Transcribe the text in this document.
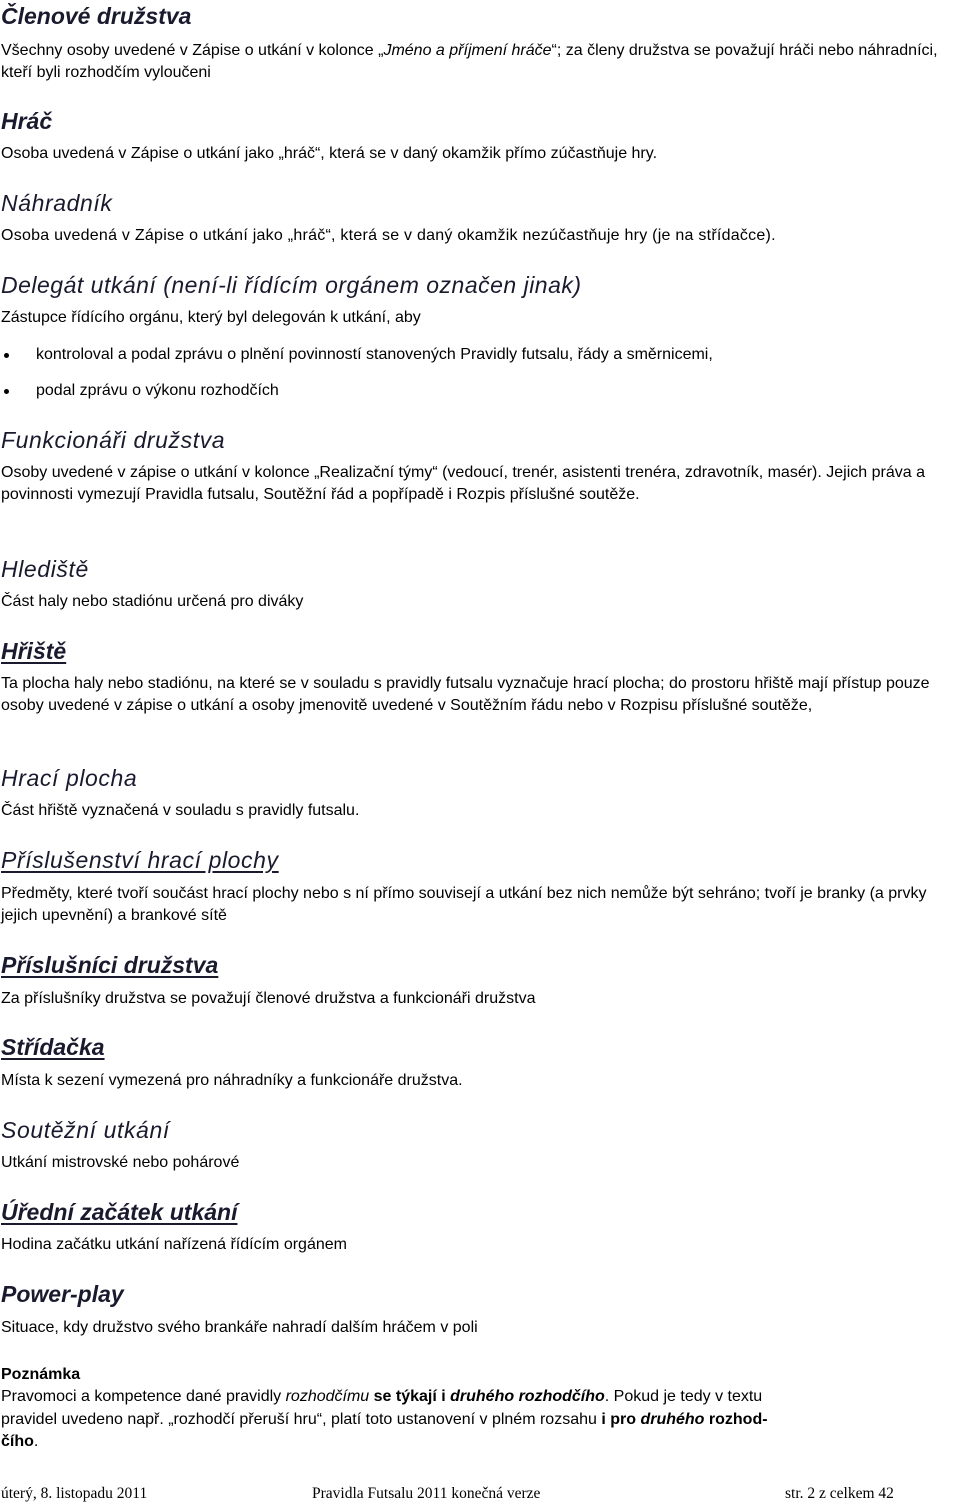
Členové družstva
Všechny osoby uvedené v Zápise o utkání v koloncе „Jméno a příjmení hráče“; za členy družstva se považují hráči nebo náhradníci, kteří byli rozhodčím vyloučeni
Hráč
Osoba uvedená v Zápise o utkání jako „hráč“, která se v daný okamžik přímo zúčastňuje hry.
Náhradník
Osoba uvedená v Zápise o utkání jako „hráč“, která se v daný okamžik nezúčastňuje hry (je na střídačce).
Delegát utkání (není-li řídícím orgánem označen jinak)
Zástupce řídícího orgánu, který byl delegován k utkání, aby
kontroloval a podal zprávu o plnění povinností stanovených Pravidly futsalu, řády a směrnicemi,
podal zprávu o výkonu rozhodčích
Funkcionáři družstva
Osoby uvedené v zápise o utkání v koloncе „Realizační týmy“ (vedoucí, trenér, asistenti trenéra, zdravotník, masér). Jejich práva a povinnosti vymezují Pravidla futsalu, Soutěžní řád a popřípadě i Rozpis příslušné soutěže.
Hlediště
Část haly nebo stadiónu určená pro diváky
Hřiště
Ta plocha haly nebo stadiónu, na které se v souladu s pravidly futsalu vyznačuje hrací plocha; do prostoru hřiště mají přístup pouze osoby uvedené v zápise o utkání a osoby jmenovitě uvedené v Soutěžním řádu nebo v Rozpisu příslušné soutěže,
Hrací plocha
Část hřiště vyznačená v souladu s pravidly futsalu.
Příslušenství hrací plochy
Předměty, které tvoří součást hrací plochy nebo s ní přímo souvisejí a utkání bez nich nemůže být sehráno; tvoří je branky (a prvky jejich upevnění) a brankové sítě
Příslušníci družstva
Za příslušníky družstva se považují členové družstva a funkcionáři družstva
Střídačka
Místa k sezení vymezená pro náhradníky a funkcionáře družstva.
Soutěžní utkání
Utkání mistrovské nebo pohárové
Úřední začátek utkání
Hodina začátku utkání nařízená řídícím orgánem
Power-play
Situace, kdy družstvo svého brankáře nahradí dalším hráčem v poli
Poznámka
Pravomoci a kompetence dané pravidly rozhodčímu se týkají i druhého rozhodčího. Pokud je tedy v textu
pravidel uvedeno např. „rozhodčí přeruší hru“, platí toto ustanovení v plném rozsahu i pro druhého rozhod-
čího.
úterý, 8. listopadu 2011	Pravidla Futsalu 2011 konečná verze	str. 2 z celkem 42
